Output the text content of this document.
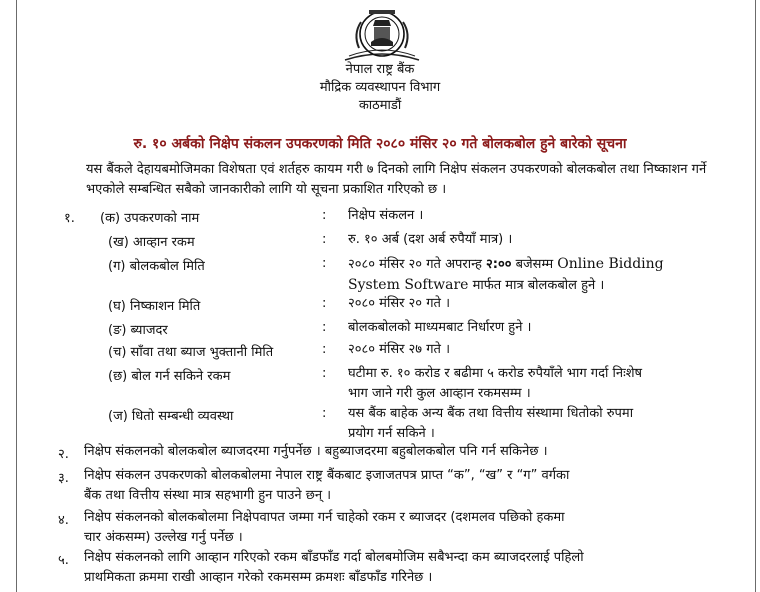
नेपाल राष्ट्र बैंक
मौद्रिक व्यवस्थापन विभाग
काठमाडौं
रु. १० अर्बको निक्षेप संकलन उपकरणको मिति २०८० मंसिर २० गते बोलकबोल हुने बारेको सूचना
यस बैंकले देहायबमोजिमका विशेषता एवं शर्तहरु कायम गरी ७ दिनको लागि निक्षेप संकलन उपकरणको बोलकबोल तथा निष्काशन गर्ने भएकोले सम्बन्धित सबैको जानकारीको लागि यो सूचना प्रकाशित गरिएको छ ।
१. (क) उपकरणको नाम	: निक्षेप संकलन ।
(ख) आव्हान रकम	: रु. १० अर्ब (दश अर्ब रुपैयाँ मात्र) ।
(ग) बोलकबोल मिति	: २०८० मंसिर २० गते अपरान्ह २:०० बजेसम्म Online Bidding
System Software मार्फत मात्र बोलकबोल हुने ।
(घ) निष्काशन मिति	: २०८० मंसिर २० गते ।
(ङ) ब्याजदर	: बोलकबोलको माध्यमबाट निर्धारण हुने ।
(च) साँवा तथा ब्याज भुक्तानी मिति	: २०८० मंसिर २७ गते ।
(छ) बोल गर्न सकिने रकम	: घटीमा रु. १० करोड र बढीमा ५ करोड रुपैयाँले भाग गर्दा निःशेष
भाग जाने गरी कुल आव्हान रकमसम्म ।
(ज) धितो सम्बन्धी व्यवस्था	: यस बैंक बाहेक अन्य बैंक तथा वित्तीय संस्थामा धितोको रुपमा
प्रयोग गर्न सकिने ।
२. निक्षेप संकलनको बोलकबोल ब्याजदरमा गर्नुपर्नेछ । बहुब्याजदरमा बहुबोलकबोल पनि गर्न सकिनेछ ।
३. निक्षेप संकलन उपकरणको बोलकबोलमा नेपाल राष्ट्र बैंकबाट इजाजतपत्र प्राप्त “क”, “ख” र “ग” वर्गका
बैंक तथा वित्तीय संस्था मात्र सहभागी हुन पाउने छन् ।
४. निक्षेप संकलनको बोलकबोलमा निक्षेपवापत जम्मा गर्न चाहेको रकम र ब्याजदर (दशमलव पछिको हकमा
चार अंकसम्म) उल्लेख गर्नु पर्नेछ ।
५. निक्षेप संकलनको लागि आव्हान गरिएको रकम बाँडफाँड गर्दा बोलबमोजिम सबैभन्दा कम ब्याजदरलाई पहिलो
प्राथमिकता क्रममा राखी आव्हान गरेको रकमसम्म क्रमशः बाँडफाँड गरिनेछ ।
